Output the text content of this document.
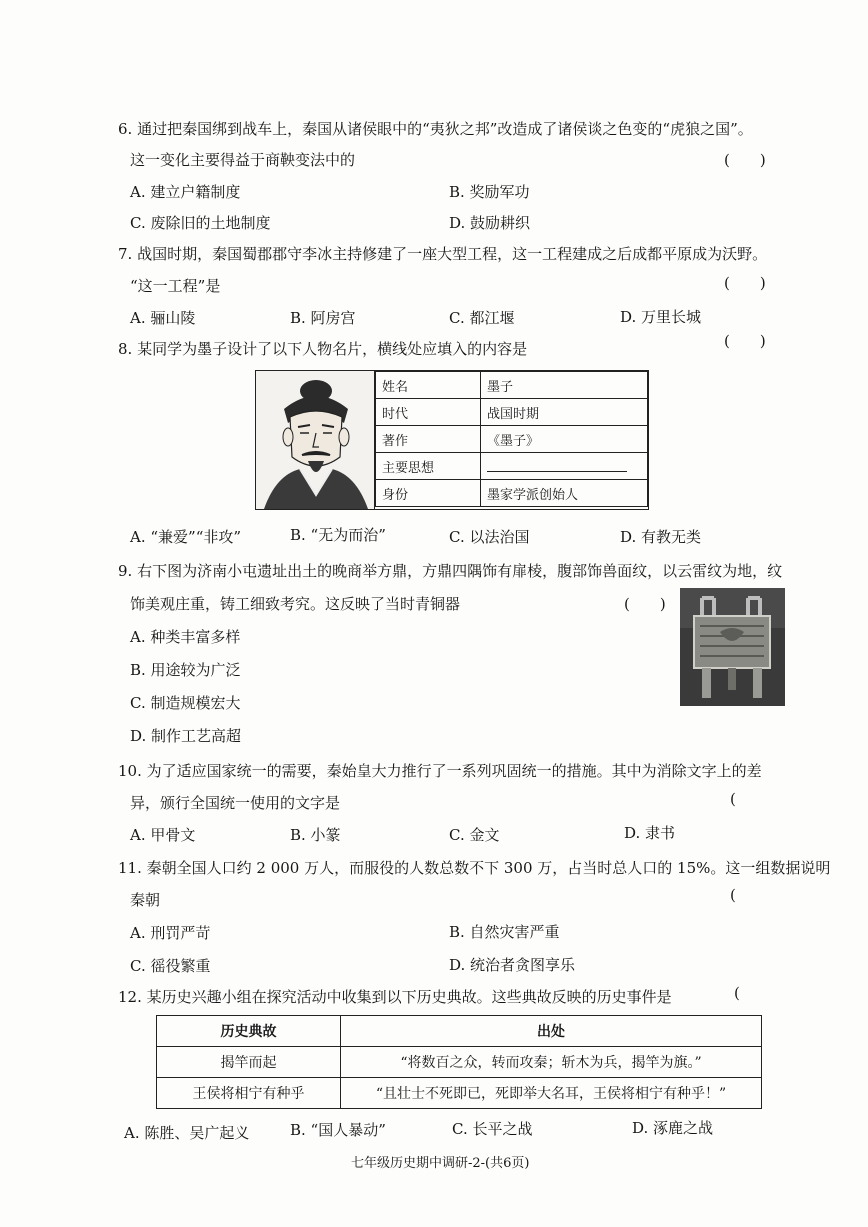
6. 通过把秦国绑到战车上，秦国从诸侯眼中的“夷狄之邦”改造成了诸侯谈之色变的“虎狼之国”。
这一变化主要得益于商鞅变法中的	(　　)
A. 建立户籍制度	B. 奖励军功
C. 废除旧的土地制度	D. 鼓励耕织
7. 战国时期，秦国蜀郡郡守李冰主持修建了一座大型工程，这一工程建成之后成都平原成为沃野。
“这一工程”是	(　　)
A. 骊山陵	B. 阿房宫	C. 都江堰	D. 万里长城
8. 某同学为墨子设计了以下人物名片，横线处应填入的内容是	(　　)
姓名	墨子
时代	战国时期
著作	《墨子》
主要思想	
身份	墨家学派创始人
A. “兼爱”“非攻”	B. “无为而治”	C. 以法治国	D. 有教无类
9. 右下图为济南小屯遗址出土的晚商举方鼎，方鼎四隅饰有扉棱，腹部饰兽面纹，以云雷纹为地，纹
饰美观庄重，铸工细致考究。这反映了当时青铜器	(　　)
A. 种类丰富多样
B. 用途较为广泛
C. 制造规模宏大
D. 制作工艺高超
10. 为了适应国家统一的需要，秦始皇大力推行了一系列巩固统一的措施。其中为消除文字上的差
异，颁行全国统一使用的文字是	(
A. 甲骨文	B. 小篆	C. 金文	D. 隶书
11. 秦朝全国人口约 2 000 万人，而服役的人数总数不下 300 万，占当时总人口的 15%。这一组数据说明
秦朝	(
A. 刑罚严苛	B. 自然灾害严重
C. 徭役繁重	D. 统治者贪图享乐
12. 某历史兴趣小组在探究活动中收集到以下历史典故。这些典故反映的历史事件是	(
历史典故	出处
揭竿而起	“将数百之众，转而攻秦；斩木为兵，揭竿为旗。”
王侯将相宁有种乎	“且壮士不死即已，死即举大名耳，王侯将相宁有种乎！”
A. 陈胜、吴广起义	B. “国人暴动”	C. 长平之战	D. 涿鹿之战
七年级历史期中调研-2-(共6页)
